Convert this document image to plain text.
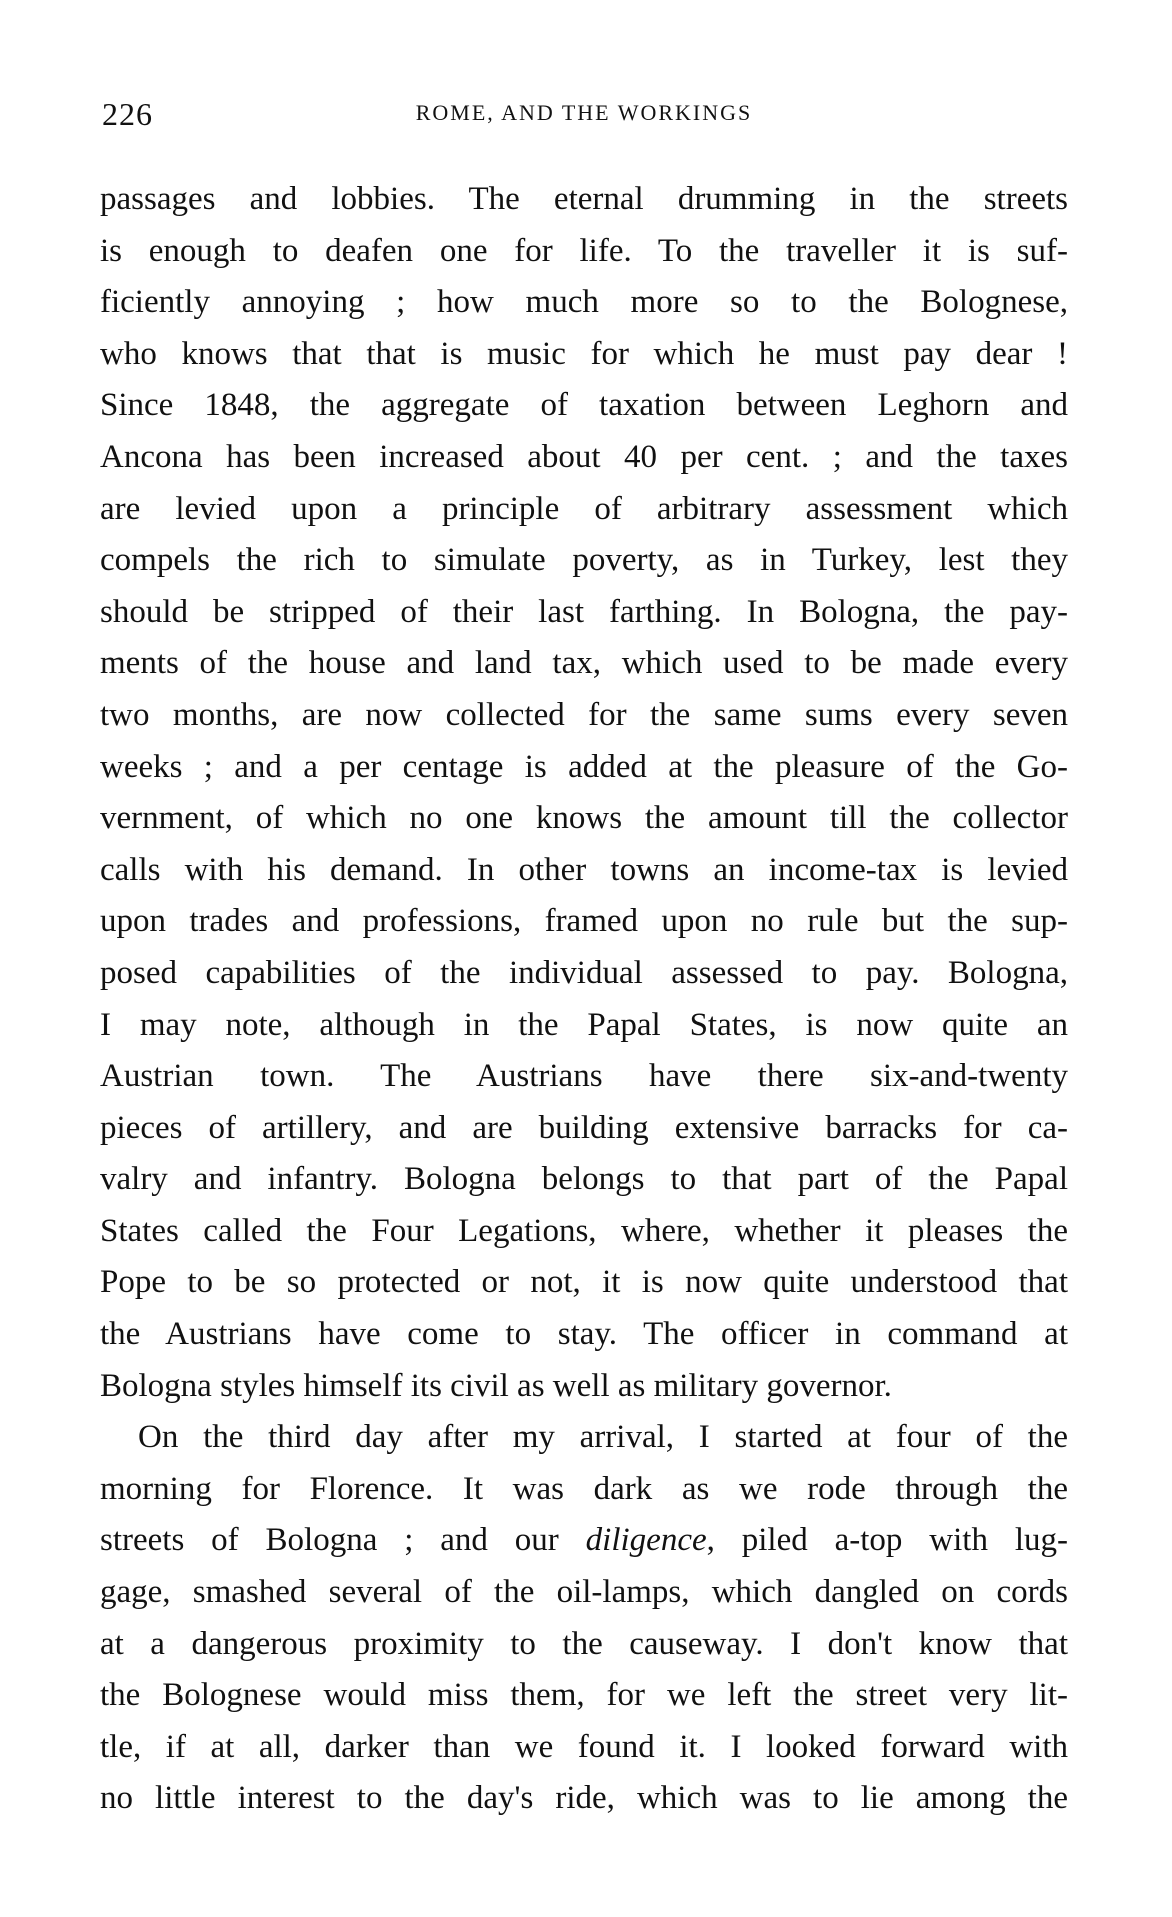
226	ROME, AND THE WORKINGS
passages and lobbies. The eternal drumming in the streets
is enough to deafen one for life. To the traveller it is suf-
ficiently annoying ; how much more so to the Bolognese,
who knows that that is music for which he must pay dear !
Since 1848, the aggregate of taxation between Leghorn and
Ancona has been increased about 40 per cent. ; and the taxes
are levied upon a principle of arbitrary assessment which
compels the rich to simulate poverty, as in Turkey, lest they
should be stripped of their last farthing. In Bologna, the pay-
ments of the house and land tax, which used to be made every
two months, are now collected for the same sums every seven
weeks ; and a per centage is added at the pleasure of the Go-
vernment, of which no one knows the amount till the collector
calls with his demand. In other towns an income-tax is levied
upon trades and professions, framed upon no rule but the sup-
posed capabilities of the individual assessed to pay. Bologna,
I may note, although in the Papal States, is now quite an
Austrian town. The Austrians have there six-and-twenty
pieces of artillery, and are building extensive barracks for ca-
valry and infantry. Bologna belongs to that part of the Papal
States called the Four Legations, where, whether it pleases the
Pope to be so protected or not, it is now quite understood that
the Austrians have come to stay. The officer in command at
Bologna styles himself its civil as well as military governor.
On the third day after my arrival, I started at four of the
morning for Florence. It was dark as we rode through the
streets of Bologna ; and our diligence, piled a-top with lug-
gage, smashed several of the oil-lamps, which dangled on cords
at a dangerous proximity to the causeway. I don't know that
the Bolognese would miss them, for we left the street very lit-
tle, if at all, darker than we found it. I looked forward with
no little interest to the day's ride, which was to lie among the
